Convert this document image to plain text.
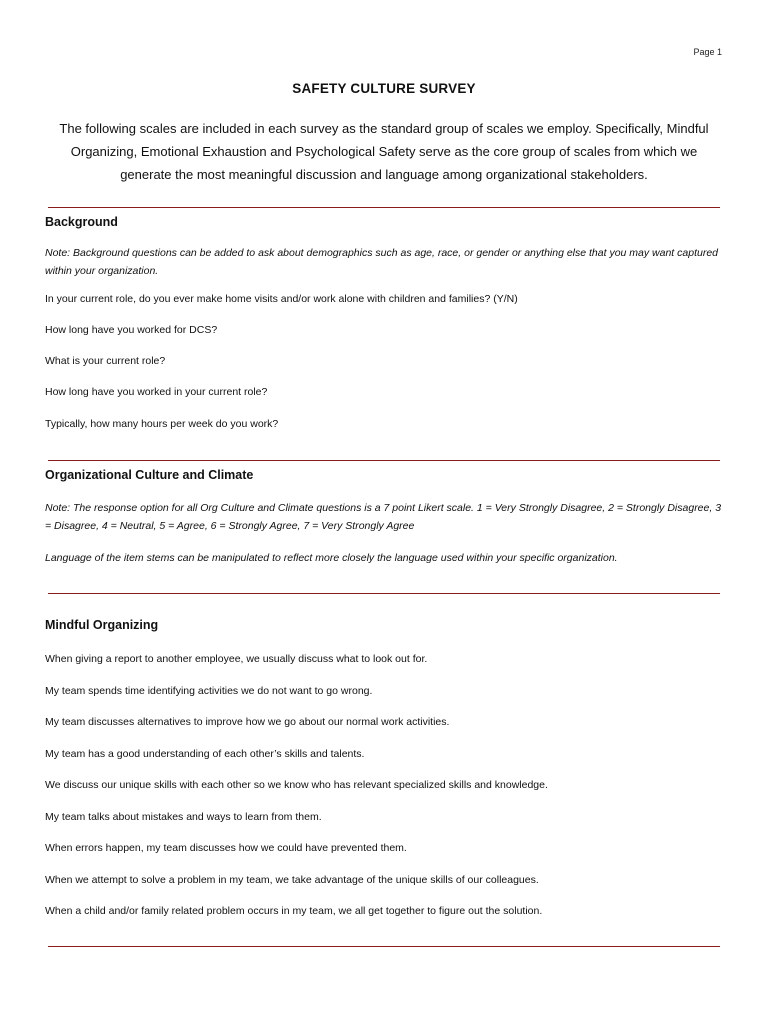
Page 1
SAFETY CULTURE SURVEY
The following scales are included in each survey as the standard group of scales we employ. Specifically, Mindful Organizing, Emotional Exhaustion and Psychological Safety serve as the core group of scales from which we generate the most meaningful discussion and language among organizational stakeholders.
Background
Note: Background questions can be added to ask about demographics such as age, race, or gender or anything else that you may want captured within your organization.
In your current role, do you ever make home visits and/or work alone with children and families? (Y/N)
How long have you worked for DCS?
What is your current role?
How long have you worked in your current role?
Typically, how many hours per week do you work?
Organizational Culture and Climate
Note: The response option for all Org Culture and Climate questions is a 7 point Likert scale. 1 = Very Strongly Disagree, 2 = Strongly Disagree, 3 = Disagree, 4 = Neutral, 5 = Agree, 6 = Strongly Agree, 7 = Very Strongly Agree
Language of the item stems can be manipulated to reflect more closely the language used within your specific organization.
Mindful Organizing
When giving a report to another employee, we usually discuss what to look out for.
My team spends time identifying activities we do not want to go wrong.
My team discusses alternatives to improve how we go about our normal work activities.
My team has a good understanding of each other’s skills and talents.
We discuss our unique skills with each other so we know who has relevant specialized skills and knowledge.
My team talks about mistakes and ways to learn from them.
When errors happen, my team discusses how we could have prevented them.
When we attempt to solve a problem in my team, we take advantage of the unique skills of our colleagues.
When a child and/or family related problem occurs in my team, we all get together to figure out the solution.
